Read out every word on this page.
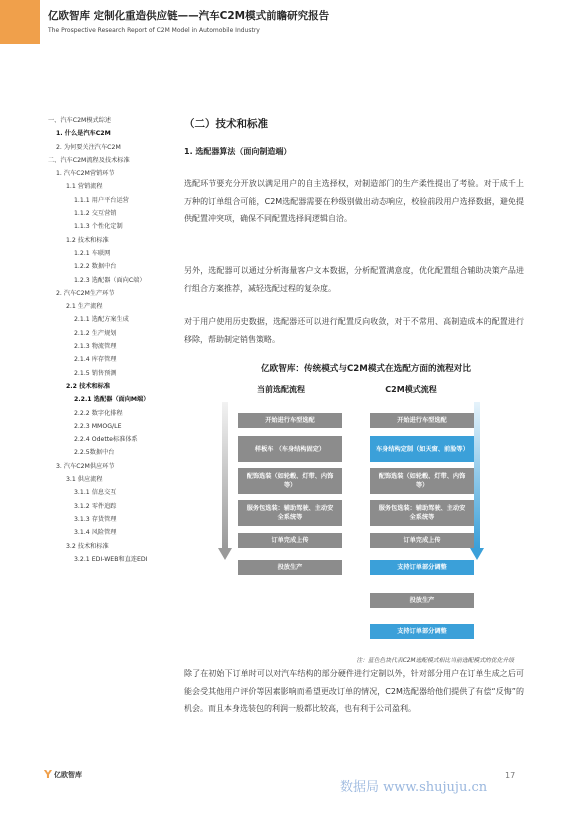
亿欧智库 定制化重造供应链——汽车C2M模式前瞻研究报告
The Prospective Research Report of C2M Model in Automobile Industry
一、汽车C2M模式综述
1. 什么是汽车C2M
2. 为何要关注汽车C2M
二、汽车C2M流程及技术标准
1. 汽车C2M营销环节
1.1 营销流程
1.1.1 用户平台运营
1.1.2 交互营销
1.1.3 个性化定制
1.2 技术和标准
1.2.1 车联网
1.2.2 数据中台
1.2.3 选配器（面向C端）
2. 汽车C2M生产环节
2.1 生产流程
2.1.1 选配方案生成
2.1.2 生产规划
2.1.3 物流管理
2.1.4 库存管理
2.1.5 销售预测
2.2 技术和标准
2.2.1 选配器（面向M端）
2.2.2 数字化排程
2.2.3 MMOG/LE
2.2.4 Odette标准体系
2.2.5数据中台
3. 汽车C2M供应环节
3.1 供应流程
3.1.1 信息交互
3.1.2 零件追踪
3.1.3 存货管理
3.1.4 风险管理
3.2 技术和标准
3.2.1 EDI-WEB和直连EDI
（二）技术和标准
1. 选配器算法（面向制造端）

选配环节要充分开放以满足用户的自主选择权，对制造部门的生产柔性提出了考验。对于成千上万种的订单组合可能，C2M选配器需要在秒级别做出动态响应，校验前段用户选择数据，避免提供配置冲突项，确保不同配置选择间逻辑自洽。

另外，选配器可以通过分析海量客户文本数据，分析配置满意度，优化配置组合辅助决策产品进行组合方案推荐，减轻选配过程的复杂度。

对于用户使用历史数据，选配器还可以进行配置反向收敛，对于不常用、高制造成本的配置进行移除，帮助制定销售策略。

亿欧智库：传统模式与C2M模式在选配方面的流程对比
当前选配流程	C2M模式流程
开始进行车型选配
样板车 （车身结构固定）
配饰选装（如轮毂、灯带、内饰等）
服务包选装：辅助驾驶、主动安全系统等
订单完成上传
投放生产
开始进行车型选配
车身结构定制（如天窗、前脸等）
配饰选装（如轮毂、灯带、内饰等）
服务包选装：辅助驾驶、主动安全系统等
订单完成上传
支持订单部分调整
投放生产
支持订单部分调整
注：蓝色色块代表C2M选配模式相比当前选配模式的优化升级

除了在初始下订单时可以对汽车结构的部分硬件进行定制以外，针对部分用户在订单生成之后可能会受其他用户评价等因素影响而希望更改订单的情况，C2M选配器给他们提供了有偿“反悔”的机会。而且本身选装包的利润一般都比较高，也有利于公司盈利。

Y 亿欧智库
数据局 www.shujuju.cn
17
